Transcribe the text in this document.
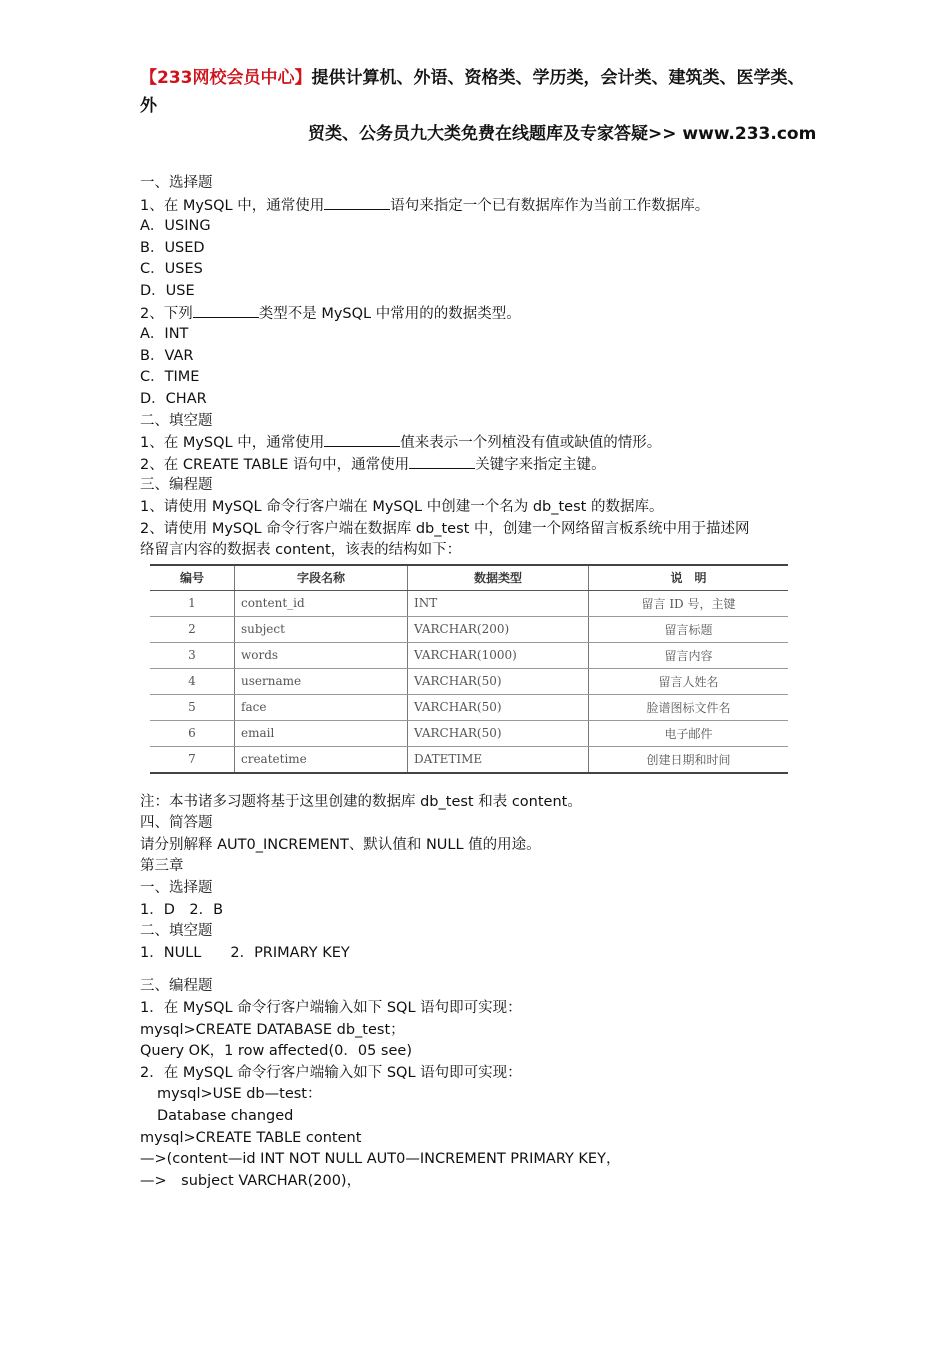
【233网校会员中心】提供计算机、外语、资格类、学历类，会计类、建筑类、医学类、外
贸类、公务员九大类免费在线题库及专家答疑>> www.233.com
一、选择题
1、在 MySQL 中，通常使用	语句来指定一个已有数据库作为当前工作数据库。
A．USING
B．USED
C．USES
D．USE
2、下列	类型不是 MySQL 中常用的的数据类型。
A．INT
B．VAR
C．TIME
D．CHAR
二、填空题
1、在 MySQL 中，通常使用	值来表示一个列植没有值或缺值的情形。
2、在 CREATE TABLE 语句中，通常使用	关键字来指定主键。
三、编程题
1、请使用 MySQL 命令行客户端在 MySQL 中创建一个名为 db_test 的数据库。
2、请使用 MySQL 命令行客户端在数据库 db_test 中，创建一个网络留言板系统中用于描述网
络留言内容的数据表 content，该表的结构如下：
编号	字段名称	数据类型	说　明
1	content_id	INT	留言 ID 号，主键
2	subject	VARCHAR(200)	留言标题
3	words	VARCHAR(1000)	留言内容
4	username	VARCHAR(50)	留言人姓名
5	face	VARCHAR(50)	脸谱图标文件名
6	email	VARCHAR(50)	电子邮件
7	createtime	DATETIME	创建日期和时间
注：本书诸多习题将基于这里创建的数据库 db_test 和表 content。
四、简答题
请分别解释 AUT0_INCREMENT、默认值和 NULL 值的用途。
第三章
一、选择题
1．D　2．B
二、填空题
1．NULL　　2．PRIMARY KEY
三、编程题
1．在 MySQL 命令行客户端输入如下 SQL 语句即可实现：
mysql>CREATE DATABASE db_test；
Query OK，1 row affected(0．05 see)
2．在 MySQL 命令行客户端输入如下 SQL 语句即可实现：
mysql>USE db—test：
Database changed
mysql>CREATE TABLE content
—>(content—id INT NOT NULL AUT0—INCREMENT PRIMARY KEY，
—>　subject VARCHAR(200)，
